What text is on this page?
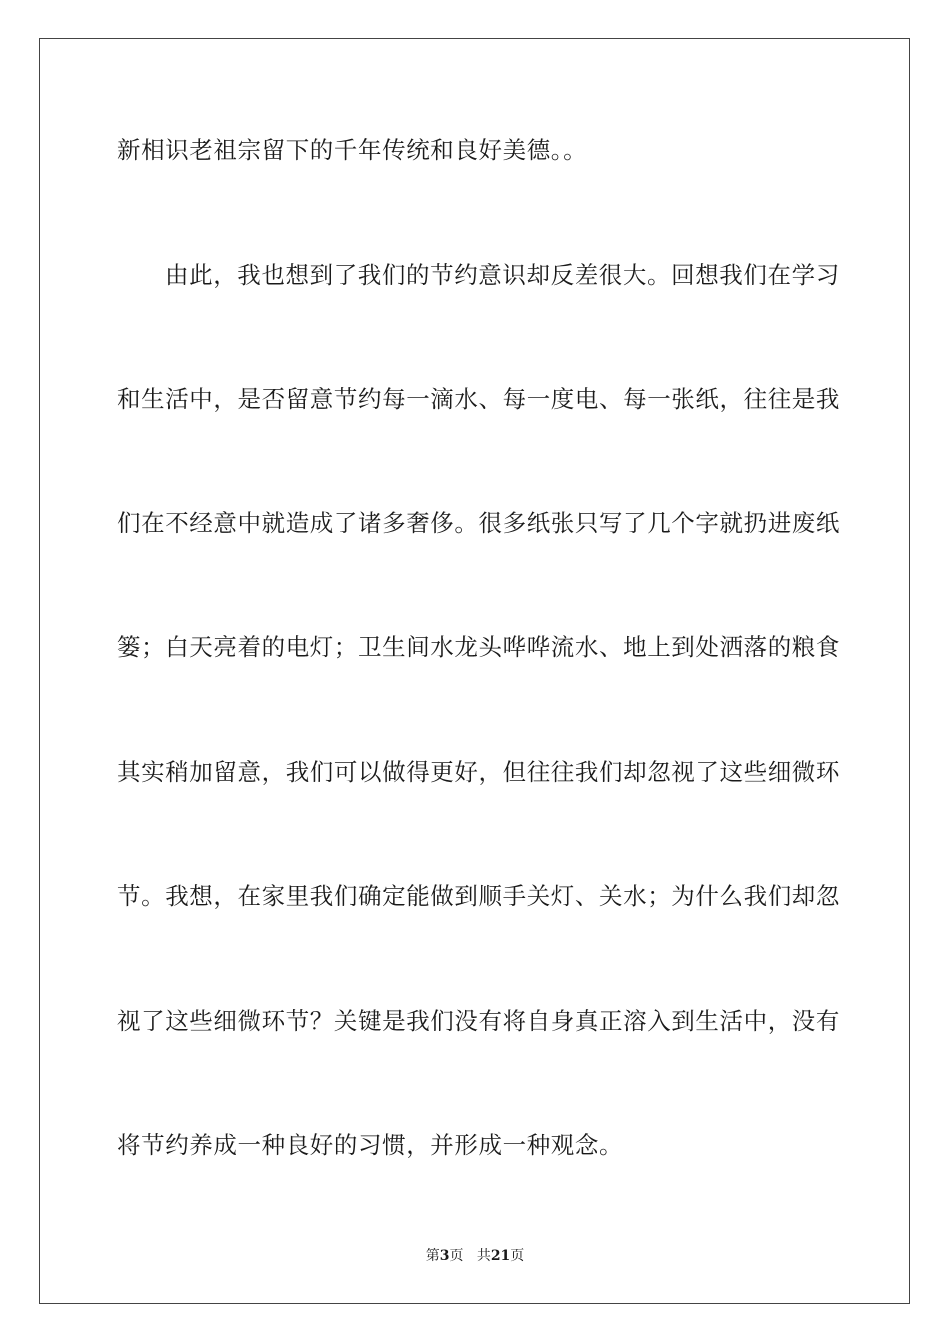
新相识老祖宗留下的千年传统和良好美德。。
由此，我也想到了我们的节约意识却反差很大。回想我们在学习
和生活中，是否留意节约每一滴水、每一度电、每一张纸，往往是我
们在不经意中就造成了诸多奢侈。很多纸张只写了几个字就扔进废纸
篓；白天亮着的电灯；卫生间水龙头哗哗流水、地上到处洒落的粮食
其实稍加留意，我们可以做得更好，但往往我们却忽视了这些细微环
节。我想，在家里我们确定能做到顺手关灯、关水；为什么我们却忽
视了这些细微环节？关键是我们没有将自身真正溶入到生活中，没有
将节约养成一种良好的习惯，并形成一种观念。
第3页 共21页
